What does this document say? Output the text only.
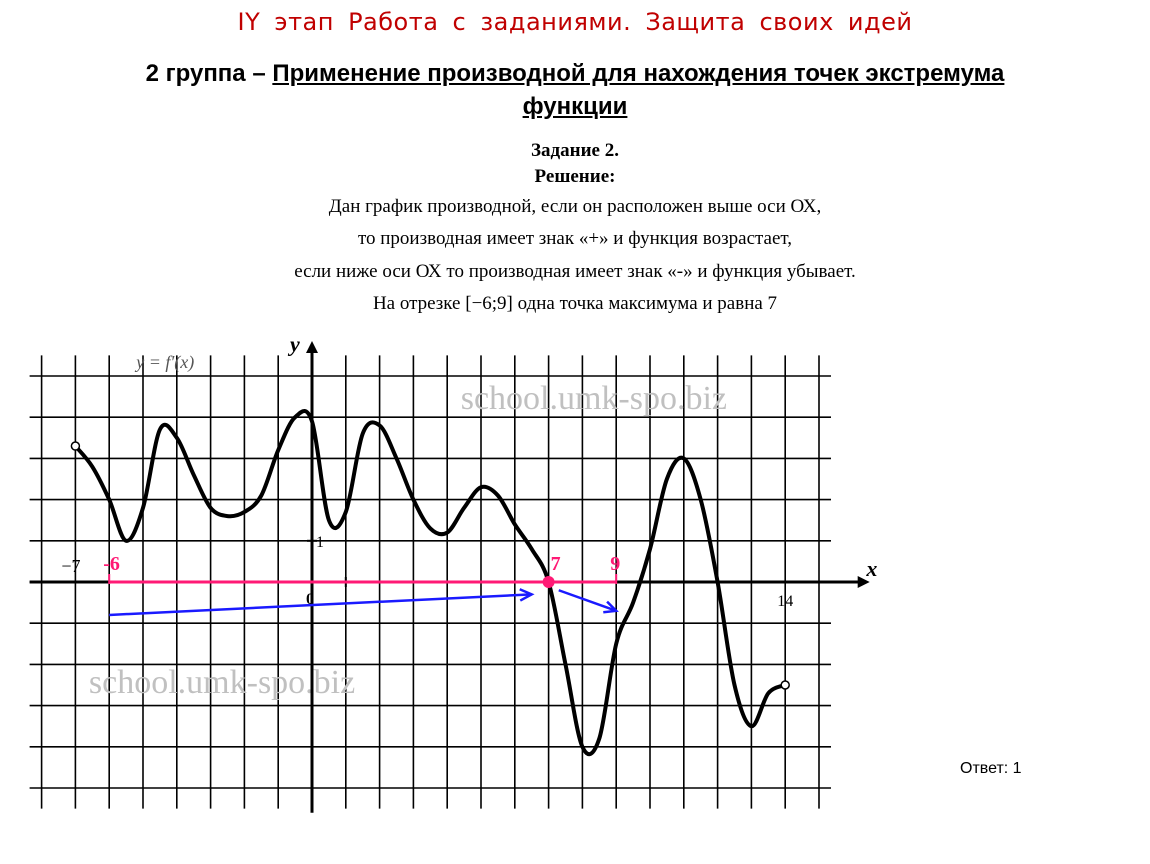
IY этап Работа с заданиями. Защита своих идей
2 группа – Применение производной для нахождения точек экстремума
функции
Задание 2.
Решение:
Дан график производной, если он расположен выше оси ОХ,
то производная имеет знак «+» и функция возрастает,
если ниже оси ОХ то производная имеет знак «-» и функция убывает.
На отрезке [−6;9] одна точка максимума и равна 7
school.umk-spo.biz
school.umk-spo.biz
y = f′(x)
y
x
−7
14
1
0
-6	7 9
Ответ: 1
